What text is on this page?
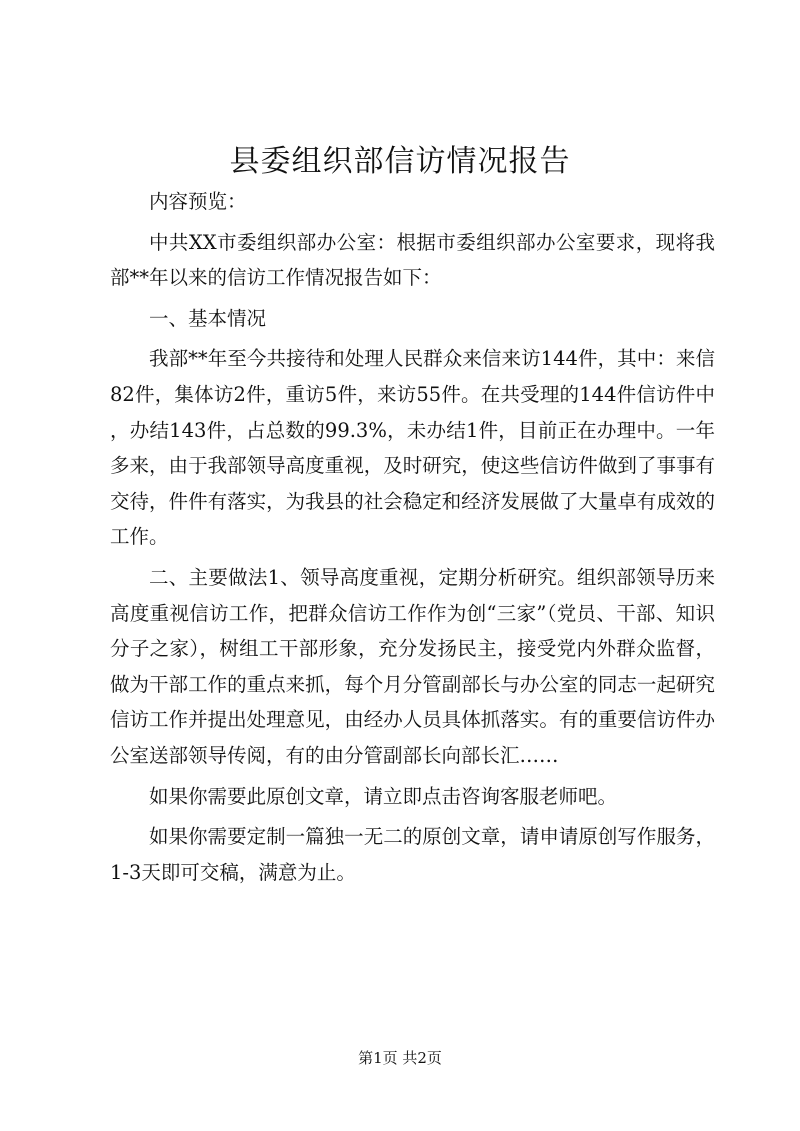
县委组织部信访情况报告

内容预览：

中共XX市委组织部办公室：根据市委组织部办公室要求，现将我部**年以来的信访工作情况报告如下：

一、基本情况

我部**年至今共接待和处理人民群众来信来访144件，其中：来信82件，集体访2件，重访5件，来访55件。在共受理的144件信访件中，办结143件，占总数的99.3%，未办结1件，目前正在办理中。一年多来，由于我部领导高度重视，及时研究，使这些信访件做到了事事有交待，件件有落实，为我县的社会稳定和经济发展做了大量卓有成效的工作。

二、主要做法1、领导高度重视，定期分析研究。组织部领导历来高度重视信访工作，把群众信访工作作为创“三家”（党员、干部、知识分子之家），树组工干部形象，充分发扬民主，接受党内外群众监督，做为干部工作的重点来抓，每个月分管副部长与办公室的同志一起研究信访工作并提出处理意见，由经办人员具体抓落实。有的重要信访件办公室送部领导传阅，有的由分管副部长向部长汇……

如果你需要此原创文章，请立即点击咨询客服老师吧。

如果你需要定制一篇独一无二的原创文章，请申请原创写作服务，1-3天即可交稿，满意为止。

第1页 共2页
